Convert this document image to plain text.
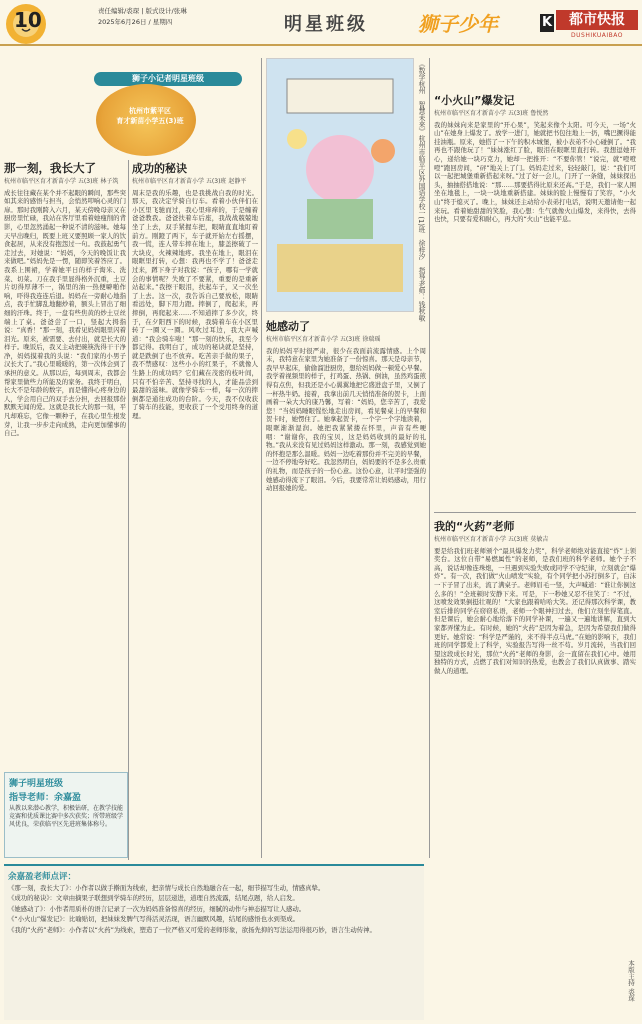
10	责任编辑/裘琛 | 版式设计/张琳
2025年6月26日 / 星期四	明星班级	狮子少年	K	都市快报
DUSHIKUAIBAO
狮子小记者明星班级
杭州市紫平区
育才新苗小学五(3)班
那一刻，我长大了
杭州市临平区育才新苗小学 五(3)班 林子筑
成长往往藏在某个并不起眼的瞬间，那些突如其来的感悟与担当，会悄然叩响心灵的门扉。那时我刚跨入六月，某天傍晚母亲又在厨房里忙碌，我站在客厅里看着她瘦削的背影，心里忽然涌起一种说不清的滋味。她每天早出晚归，既要上班又要照顾一家人的饮食起居，从来没有抱怨过一句。我鼓起勇气走过去，对她说：“妈妈，今天的晚饭让我来做吧。”妈妈先是一愣，随即笑着答应了。我系上围裙，学着她平日的样子淘米、洗菜、切菜。刀在我手里显得格外沉重，土豆片切得厚薄不一，锅里的油一热便噼啪作响，吓得我连连后退。妈妈在一旁耐心地指点，我手忙脚乱地翻炒着，额头上冒出了细细的汗珠。终于，一盘有些焦黄的炒土豆丝端上了桌。爸爸尝了一口，竖起大拇指说：“真香！”那一刻，我看见妈妈眼里闪着泪光。原来，被需要、去付出，就是长大的样子。晚饭后，我又主动把碗筷洗得干干净净，妈妈摸着我的头说：“我们家的小男子汉长大了。”我心里暖暖的，第一次体会到了承担的意义。从那以后，每到周末，我都会帮家里做些力所能及的家务。我终于明白，长大不是年龄的数字，而是懂得心疼身边的人，学会用自己的双手去分担，去回报那份默默无闻的爱。这就是我长大的那一刻，平凡却难忘，它像一颗种子，在我心里生根发芽，让我一步步走向成熟，走向更加懂事的自己。
成功的秘诀
杭州市临平区育才新苗小学 五(3)班 赵静平
周末是我的乐趣，也是我挑战自我的时光。那天，我决定学骑自行车。看着小伙伴们在小区里飞驰而过，我心里痒痒的，于是缠着爸爸教我。爸爸扶着车后座，我战战兢兢地坐了上去，双手紧握车把，眼睛直直地盯着前方。刚蹬了两下，车子就开始左右摇摆，我一慌，连人带车摔在地上，膝盖擦破了一大块皮，火辣辣地疼。我坐在地上，眼泪在眼眶里打转，心想：我再也不学了！爸爸走过来，蹲下身子对我说：“孩子，哪有一学就会的事情呢？失败了不要紧，重要的是重新站起来。”我擦干眼泪，扶起车子，又一次坐了上去。这一次，我告诉自己要放松，眼睛看远处，脚下用力蹬。摔倒了，爬起来，再摔倒，再爬起来……不知道摔了多少次，终于，在夕阳西下的时候，我骑着车在小区里转了一圈又一圈。风吹过耳边，我大声喊道：“我会骑车啦！”那一刻的快乐，我至今都记得。我明白了，成功的秘诀就是坚持，就是跌倒了也不放弃。吃苦亲手做的果子，我不禁感叹：这些小小的红果子，不就像人生路上的成功吗？它们藏在茂密的枝叶间，只有不怕辛苦、坚持寻找的人，才能品尝到最甜的滋味。就像学骑车一样，每一次的摔倒都是通往成功的台阶。今天，我不仅收获了骑车的技能，更收获了一个受用终身的道理。
狮子明星班级
指导老师：余嘉盈
从教以来潜心教学，积极钻研，在教学技能竞赛和优质课比赛中多次获奖；所带班级学风优良，荣获临平区先进班集体称号。
《数学杭州　智慧未来》杭州市临平区外国语学校一(1)班　徐梓汐　指导老师：钱秋敏
她感动了
杭州市临平区育才新苗小学 五(3)班 徐瑞瑶
我的妈妈平时很严肃，很少在我面前流露情感。上个周末，我特意在家里为她准备了一份惊喜。那天是母亲节，我早早起床，偷偷溜进厨房，想给妈妈做一顿爱心早餐。我学着视频里的样子，打鸡蛋、热锅、倒油，虽然鸡蛋煎得有点焦，但我还是小心翼翼地把它盛进盘子里，又倒了一杯热牛奶。接着，我拿出前几天悄悄准备的贺卡，上面画着一朵大大的康乃馨，写着：“妈妈，您辛苦了，我爱您！”当妈妈睡眼惺忪地走出房间，看见餐桌上的早餐和贺卡时，她愣住了。她拿起贺卡，一个字一个字地读着，眼眶渐渐湿润。她把我紧紧搂在怀里，声音有些哽咽：“谢谢你，我的宝贝，这是妈妈收到的最好的礼物。”我从来没有见过妈妈这样激动。那一刻，我感觉到她的怀抱是那么温暖。妈妈一边吃着那份并不完美的早餐，一边不停地夸好吃。我忽然明白，妈妈要的不是多么贵重的礼物，而是孩子的一份心意。这份心意，让平时坚强的她感动得流下了眼泪。今后，我要常常让妈妈感动，用行动回报她的爱。
“小火山”爆发记
杭州市临平区育才新苗小学 五(3)班 鲁悦然
我的妹妹向来是家里的“开心果”，笑起来像个太阳。可今天，一场“火山”在她身上爆发了。放学一进门，她就把书包往地上一扔，嘴巴撅得能挂油瓶。原来，她搭了一下午的积木城堡，被小表弟不小心碰倒了。“我再也不跟他玩了！”妹妹涨红了脸，眼泪在眼眶里直打转。我想逗她开心，递给她一块巧克力，她却一把推开：“不要你管！”说完，就“噔噔噔”跑回房间，“砰”地关上了门。妈妈走过来，轻轻敲门，说：“我们可以一起把城堡重新搭起来呀。”过了好一会儿，门开了一条缝，妹妹探出头，抽抽搭搭地说：“那……那要搭得比原来还高。”于是，我们一家人围坐在地毯上，一块一块地重新搭建。妹妹的脸上慢慢有了笑容，“小火山”终于熄灭了。晚上，妹妹还主动给小表弟打电话，说明天邀请他一起来玩。看着她甜甜的笑脸，我心想：生气就像火山爆发，来得快，去得也快，只要有爱和耐心，再大的“火山”也能平息。
我的“火药”老师
杭州市临平区育才新苗小学 五(3)班 莫敏吉
要是给我们班老师颁个“最具爆发力奖”，科学老师绝对能直接“炸”上领奖台。这位自带“易燃属性”的老师，是我们班的科学老师。她个子不高，说话却像连珠炮，一旦遇到实验失败或同学不守纪律，立刻就会“爆炸”。有一次，我们做“火山喷发”实验，有个同学把小苏打倒多了，白沫一下子冒了出来，流了满桌子。老师眉毛一竖，大声喊道：“谁让你倒这么多的！”全班顿时安静下来。可是，下一秒她又忍不住笑了：“不过，这喷发效果倒挺壮观的！”大家也跟着哈哈大笑。还记得那次科学课，教室后排的同学在窃窃私语，老师一个眼神扫过去，他们立刻坐得笔直。但是课后，她会耐心地给落下的同学补课，一遍又一遍地讲解，直到大家都弄懂为止。有时候，她的“火药”是因为着急，是因为希望我们做得更好。她常说：“科学是严谨的，来不得半点马虎。”在她的影响下，我们班的同学都爱上了科学，实验报告写得一丝不苟。岁月流转，当我们回望这段成长时光，那位“火药”老师的身影，会一直留在我们心中。她用独特的方式，点燃了我们对知识的热爱，也教会了我们认真做事、踏实做人的道理。
余嘉盈老师点评：

《那一刻，我长大了》：小作者以做手擀面为线索，把亲情与成长自然地融合在一起，细节描写生动，情感真挚。

《成功的秘诀》：文章由摘果子联想到学骑车的经历，层层递进，道理自然流露，结尾点题，给人启发。

《她感动了》：小作者用质朴的语言记录了一次为妈妈准备惊喜的经历，细腻的动作与神态描写让人感动。

《“小火山”爆发记》：比喻贴切，把妹妹发脾气写得活灵活现，语言幽默风趣，结尾的感悟也水到渠成。

《我的“火药”老师》：小作者以“火药”为线索，塑造了一位严格又可爱的老师形象，欲扬先抑的写法运用得很巧妙，语言生动传神。

本版主持 裘琛
